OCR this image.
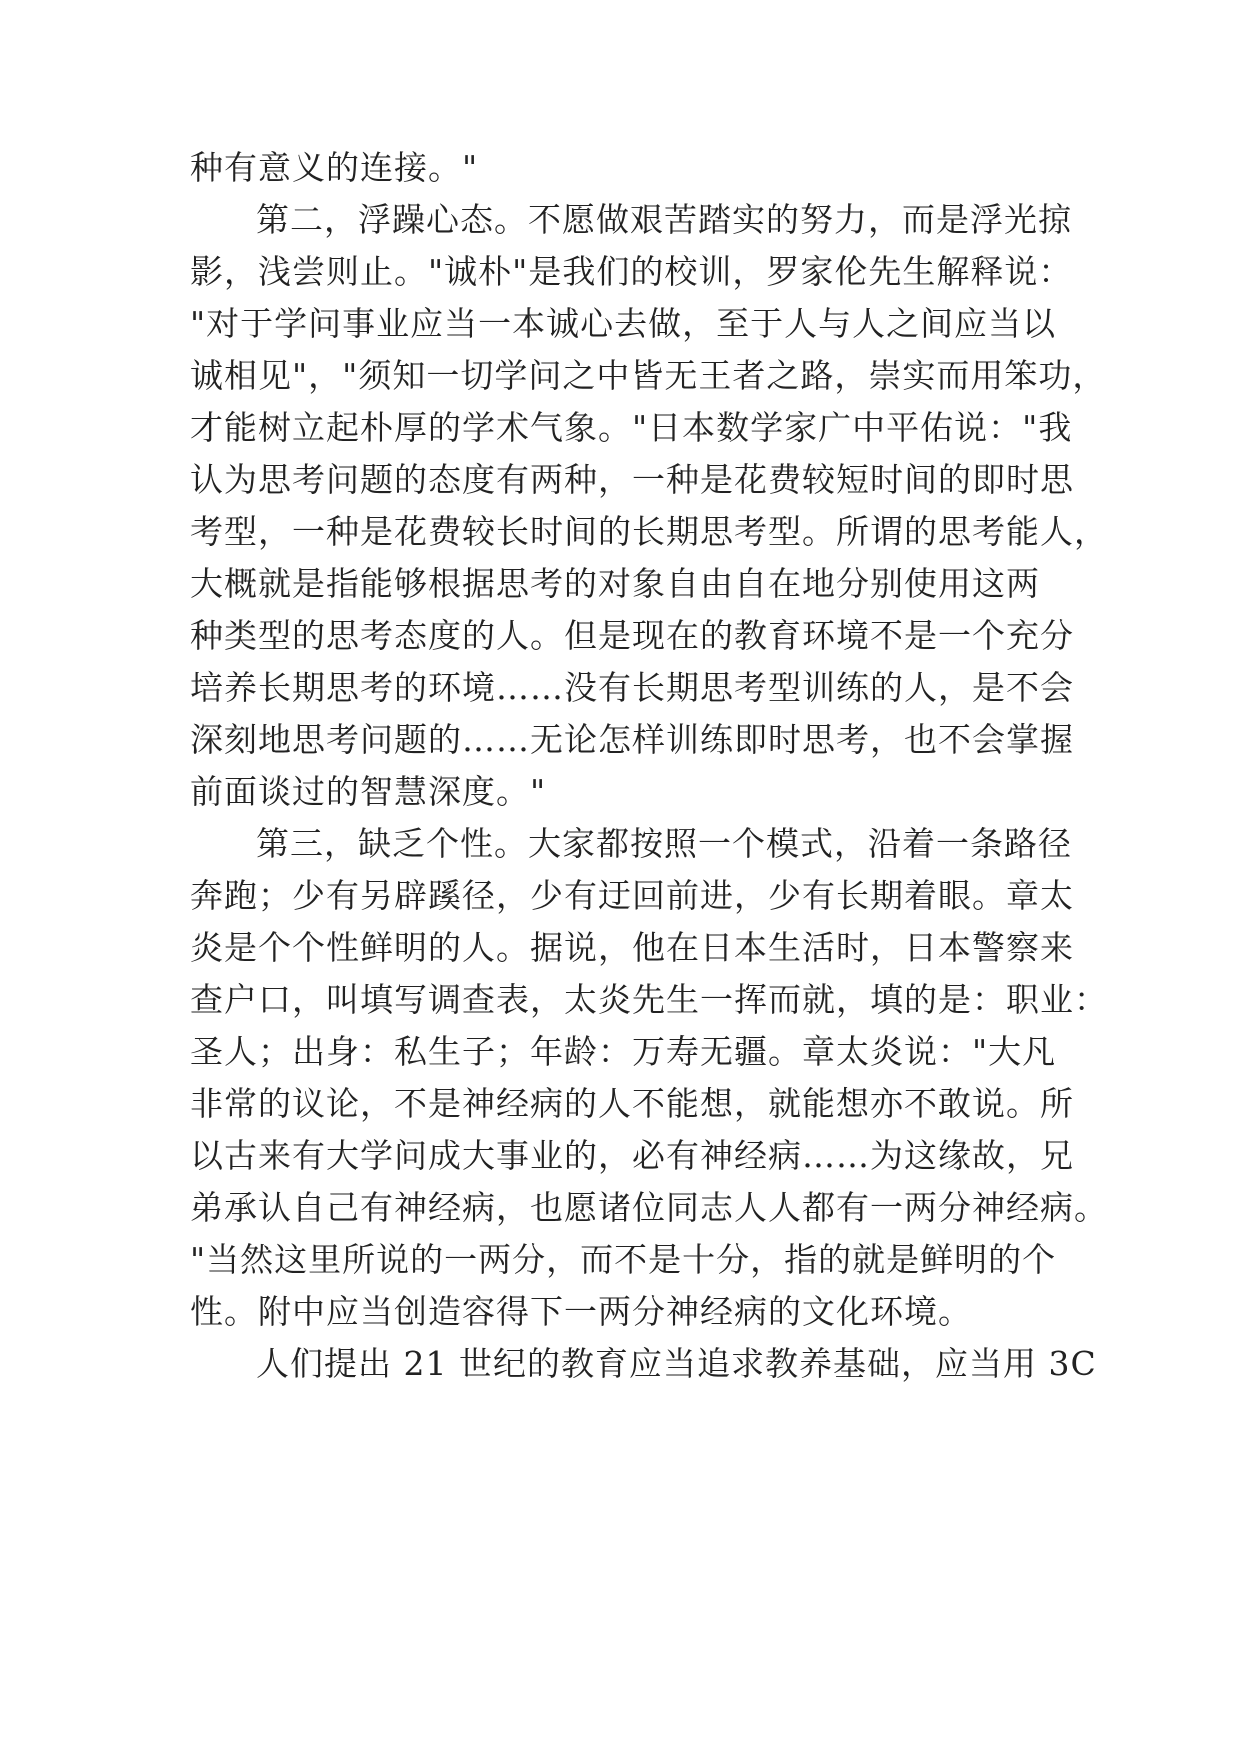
种有意义的连接。"

第二，浮躁心态。不愿做艰苦踏实的努力，而是浮光掠

影，浅尝则止。"诚朴"是我们的校训，罗家伦先生解释说：

"对于学问事业应当一本诚心去做，至于人与人之间应当以

诚相见"，"须知一切学问之中皆无王者之路，崇实而用笨功，

才能树立起朴厚的学术气象。"日本数学家广中平佑说："我

认为思考问题的态度有两种，一种是花费较短时间的即时思

考型，一种是花费较长时间的长期思考型。所谓的思考能人，

大概就是指能够根据思考的对象自由自在地分别使用这两

种类型的思考态度的人。但是现在的教育环境不是一个充分

培养长期思考的环境……没有长期思考型训练的人，是不会

深刻地思考问题的……无论怎样训练即时思考，也不会掌握

前面谈过的智慧深度。"

第三，缺乏个性。大家都按照一个模式，沿着一条路径

奔跑；少有另辟蹊径，少有迂回前进，少有长期着眼。章太

炎是个个性鲜明的人。据说，他在日本生活时，日本警察来

查户口，叫填写调查表，太炎先生一挥而就，填的是：职业：

圣人；出身：私生子；年龄：万寿无疆。章太炎说："大凡

非常的议论，不是神经病的人不能想，就能想亦不敢说。所

以古来有大学问成大事业的，必有神经病……为这缘故，兄

弟承认自己有神经病，也愿诸位同志人人都有一两分神经病。

"当然这里所说的一两分，而不是十分，指的就是鲜明的个

性。附中应当创造容得下一两分神经病的文化环境。

人们提出 21 世纪的教育应当追求教养基础，应当用 3C
